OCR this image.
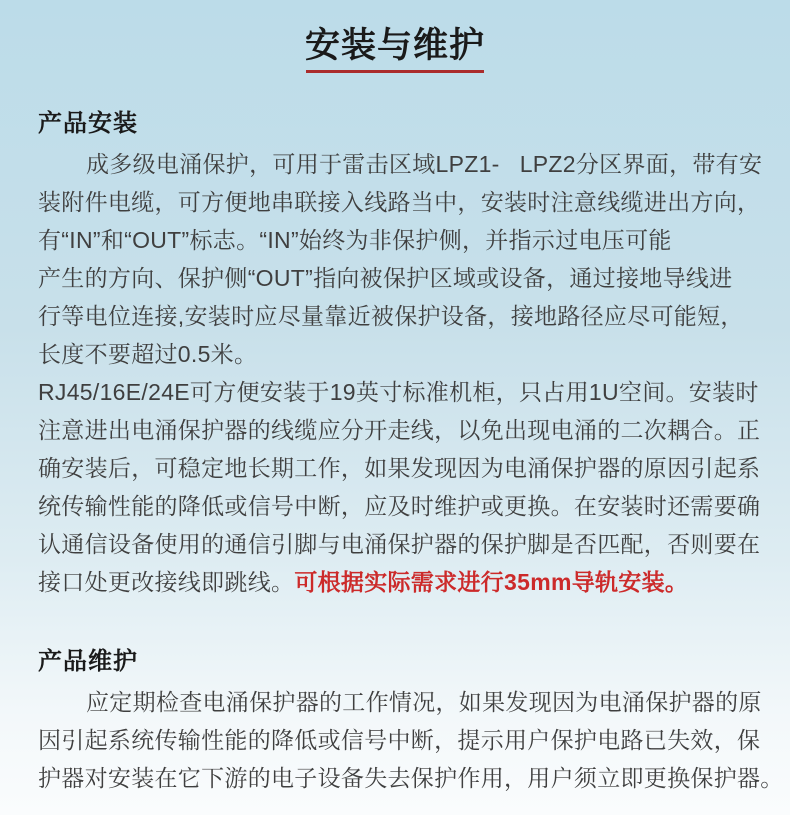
安装与维护
产品安装
成多级电涌保护，可用于雷击区域LPZ1-   LPZ2分区界面，带有安
装附件电缆，可方便地串联接入线路当中，安装时注意线缆进出方向，
有“IN”和“OUT”标志。“IN”始终为非保护侧，并指示过电压可能
产生的方向、保护侧“OUT”指向被保护区域或设备，通过接地导线进
行等电位连接,安装时应尽量靠近被保护设备，接地路径应尽可能短，
长度不要超过0.5米。
RJ45/16E/24E可方便安装于19英寸标准机柜，只占用1U空间。安装时
注意进出电涌保护器的线缆应分开走线，以免出现电涌的二次耦合。正
确安装后，可稳定地长期工作，如果发现因为电涌保护器的原因引起系
统传输性能的降低或信号中断，应及时维护或更换。在安装时还需要确
认通信设备使用的通信引脚与电涌保护器的保护脚是否匹配，否则要在
接口处更改接线即跳线。可根据实际需求进行35mm导轨安装。
产品维护
应定期检查电涌保护器的工作情况，如果发现因为电涌保护器的原
因引起系统传输性能的降低或信号中断，提示用户保护电路已失效，保
护器对安装在它下游的电子设备失去保护作用，用户须立即更换保护器。
